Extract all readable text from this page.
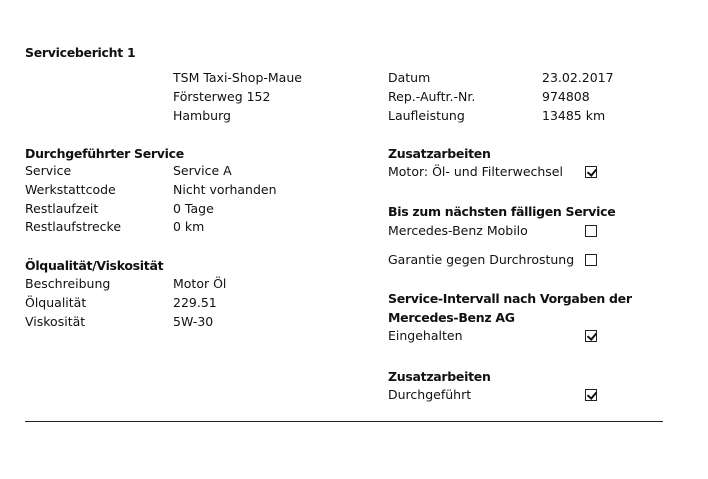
Servicebericht 1
TSM Taxi-Shop-Maue
Försterweg 152
Hamburg
Datum	23.02.2017
Rep.-Auftr.-Nr.	974808
Laufleistung	13485 km
Durchgeführter Service
Service	Service A
Werkstattcode	Nicht vorhanden
Restlaufzeit	0 Tage
Restlaufstrecke	0 km
Ölqualität/Viskosität
Beschreibung	Motor Öl
Ölqualität	229.51
Viskosität	5W-30
Zusatzarbeiten
Motor: Öl- und Filterwechsel
Bis zum nächsten fälligen Service
Mercedes-Benz Mobilo
Garantie gegen Durchrostung
Service-Intervall nach Vorgaben der
Mercedes-Benz AG
Eingehalten
Zusatzarbeiten
Durchgeführt
